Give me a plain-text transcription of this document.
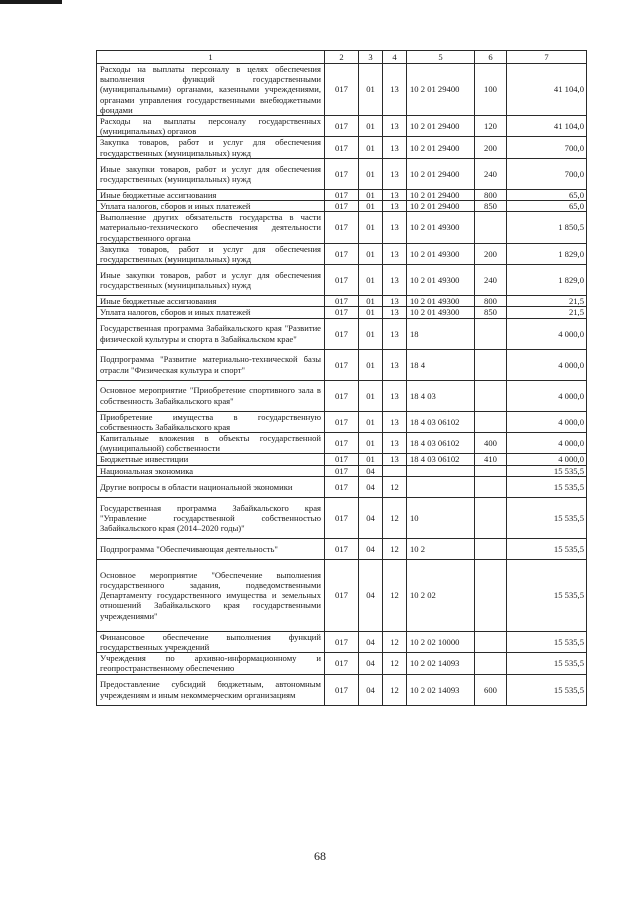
1	2	3	4	5	6	7
Расходы на выплаты персоналу в целях обеспечения выполнения функций государственными (муниципальными) органами, казенными учреждениями, органами управления государственными внебюджетными фондами	017	01	13	10 2 01 29400	100	41 104,0
Расходы на выплаты персоналу государственных (муниципальных) органов	017	01	13	10 2 01 29400	120	41 104,0
Закупка товаров, работ и услуг для обеспечения государственных (муниципальных) нужд	017	01	13	10 2 01 29400	200	700,0
Иные закупки товаров, работ и услуг для обеспечения государственных (муниципальных) нужд	017	01	13	10 2 01 29400	240	700,0
Иные бюджетные ассигнования	017	01	13	10 2 01 29400	800	65,0
Уплата налогов, сборов и иных платежей	017	01	13	10 2 01 29400	850	65,0
Выполнение других обязательств государства в части материально-технического обеспечения деятельности государственного органа	017	01	13	10 2 01 49300		1 850,5
Закупка товаров, работ и услуг для обеспечения государственных (муниципальных) нужд	017	01	13	10 2 01 49300	200	1 829,0
Иные закупки товаров, работ и услуг для обеспечения государственных (муниципальных) нужд	017	01	13	10 2 01 49300	240	1 829,0
Иные бюджетные ассигнования	017	01	13	10 2 01 49300	800	21,5
Уплата налогов, сборов и иных платежей	017	01	13	10 2 01 49300	850	21,5
Государственная программа Забайкальского края "Развитие физической культуры и спорта в Забайкальском крае"	017	01	13	18		4 000,0
Подпрограмма "Развитие материально-технической базы отрасли "Физическая культура и спорт"	017	01	13	18 4		4 000,0
Основное мероприятие "Приобретение спортивного зала в собственность Забайкальского края"	017	01	13	18 4 03		4 000,0
Приобретение имущества в государственную собственность Забайкальского края	017	01	13	18 4 03 06102		4 000,0
Капитальные вложения в объекты государственной (муниципальной) собственности	017	01	13	18 4 03 06102	400	4 000,0
Бюджетные инвестиции	017	01	13	18 4 03 06102	410	4 000,0
Национальная экономика	017	04				15 535,5
Другие вопросы в области национальной экономики	017	04	12			15 535,5
Государственная программа Забайкальского края "Управление государственной собственностью Забайкальского края (2014–2020 годы)"	017	04	12	10		15 535,5
Подпрограмма "Обеспечивающая деятельность"	017	04	12	10 2		15 535,5
Основное мероприятие "Обеспечение выполнения государственного задания, подведомственными Департаменту государственного имущества и земельных отношений Забайкальского края государственными учреждениями"	017	04	12	10 2 02		15 535,5
Финансовое обеспечение выполнения функций государственных учреждений	017	04	12	10 2 02 10000		15 535,5
Учреждения по архивно-информационному и геопространственному обеспечению	017	04	12	10 2 02 14093		15 535,5
Предоставление субсидий бюджетным, автономным учреждениям и иным некоммерческим организациям	017	04	12	10 2 02 14093	600	15 535,5
68
